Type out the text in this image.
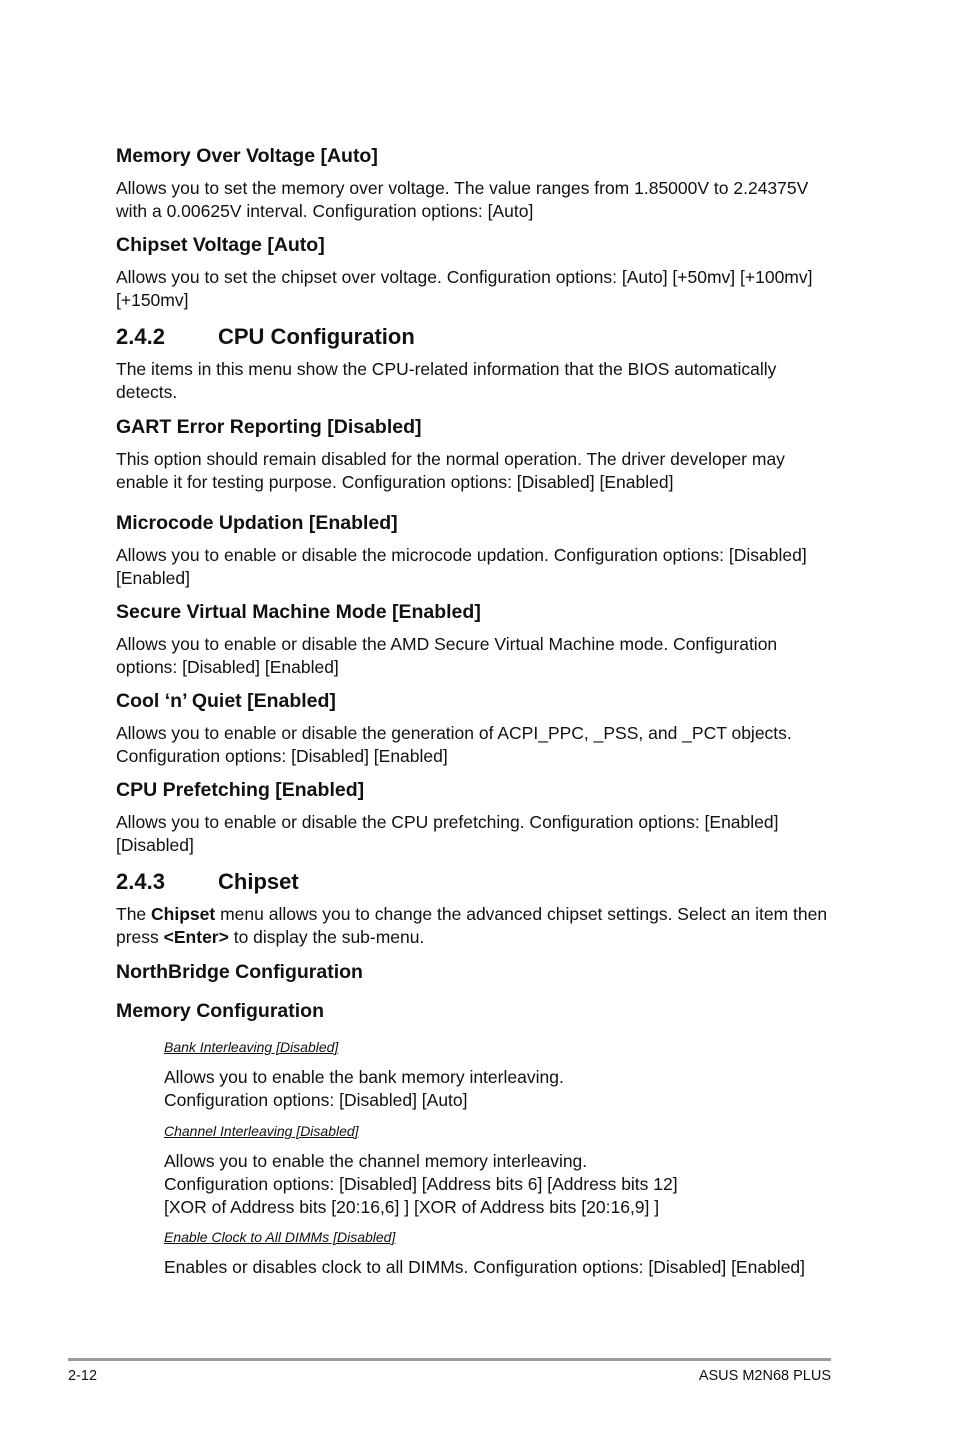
Memory Over Voltage [Auto]

Allows you to set the memory over voltage. The value ranges from 1.85000V to 2.24375V
with a 0.00625V interval. Configuration options: [Auto]

Chipset Voltage [Auto]

Allows you to set the chipset over voltage. Configuration options: [Auto] [+50mv] [+100mv]
[+150mv]

2.4.2 CPU Configuration

The items in this menu show the CPU-related information that the BIOS automatically
detects.

GART Error Reporting [Disabled]

This option should remain disabled for the normal operation. The driver developer may
enable it for testing purpose. Configuration options: [Disabled] [Enabled]

Microcode Updation [Enabled]

Allows you to enable or disable the microcode updation. Configuration options: [Disabled]
[Enabled]

Secure Virtual Machine Mode [Enabled]

Allows you to enable or disable the AMD Secure Virtual Machine mode. Configuration
options: [Disabled] [Enabled]

Cool ‘n’ Quiet [Enabled]

Allows you to enable or disable the generation of ACPI_PPC, _PSS, and _PCT objects.
Configuration options: [Disabled] [Enabled]

CPU Prefetching [Enabled]

Allows you to enable or disable the CPU prefetching. Configuration options: [Enabled]
[Disabled]

2.4.3 Chipset

The Chipset menu allows you to change the advanced chipset settings. Select an item then
press <Enter> to display the sub-menu.

NorthBridge Configuration
Memory Configuration
Bank Interleaving [Disabled]

Allows you to enable the bank memory interleaving.
Configuration options: [Disabled] [Auto]

Channel Interleaving [Disabled]

Allows you to enable the channel memory interleaving.
Configuration options: [Disabled] [Address bits 6] [Address bits 12]
[XOR of Address bits [20:16,6] ] [XOR of Address bits [20:16,9] ]

Enable Clock to All DIMMs [Disabled]

Enables or disables clock to all DIMMs. Configuration options: [Disabled] [Enabled]

2-12	ASUS M2N68 PLUS
